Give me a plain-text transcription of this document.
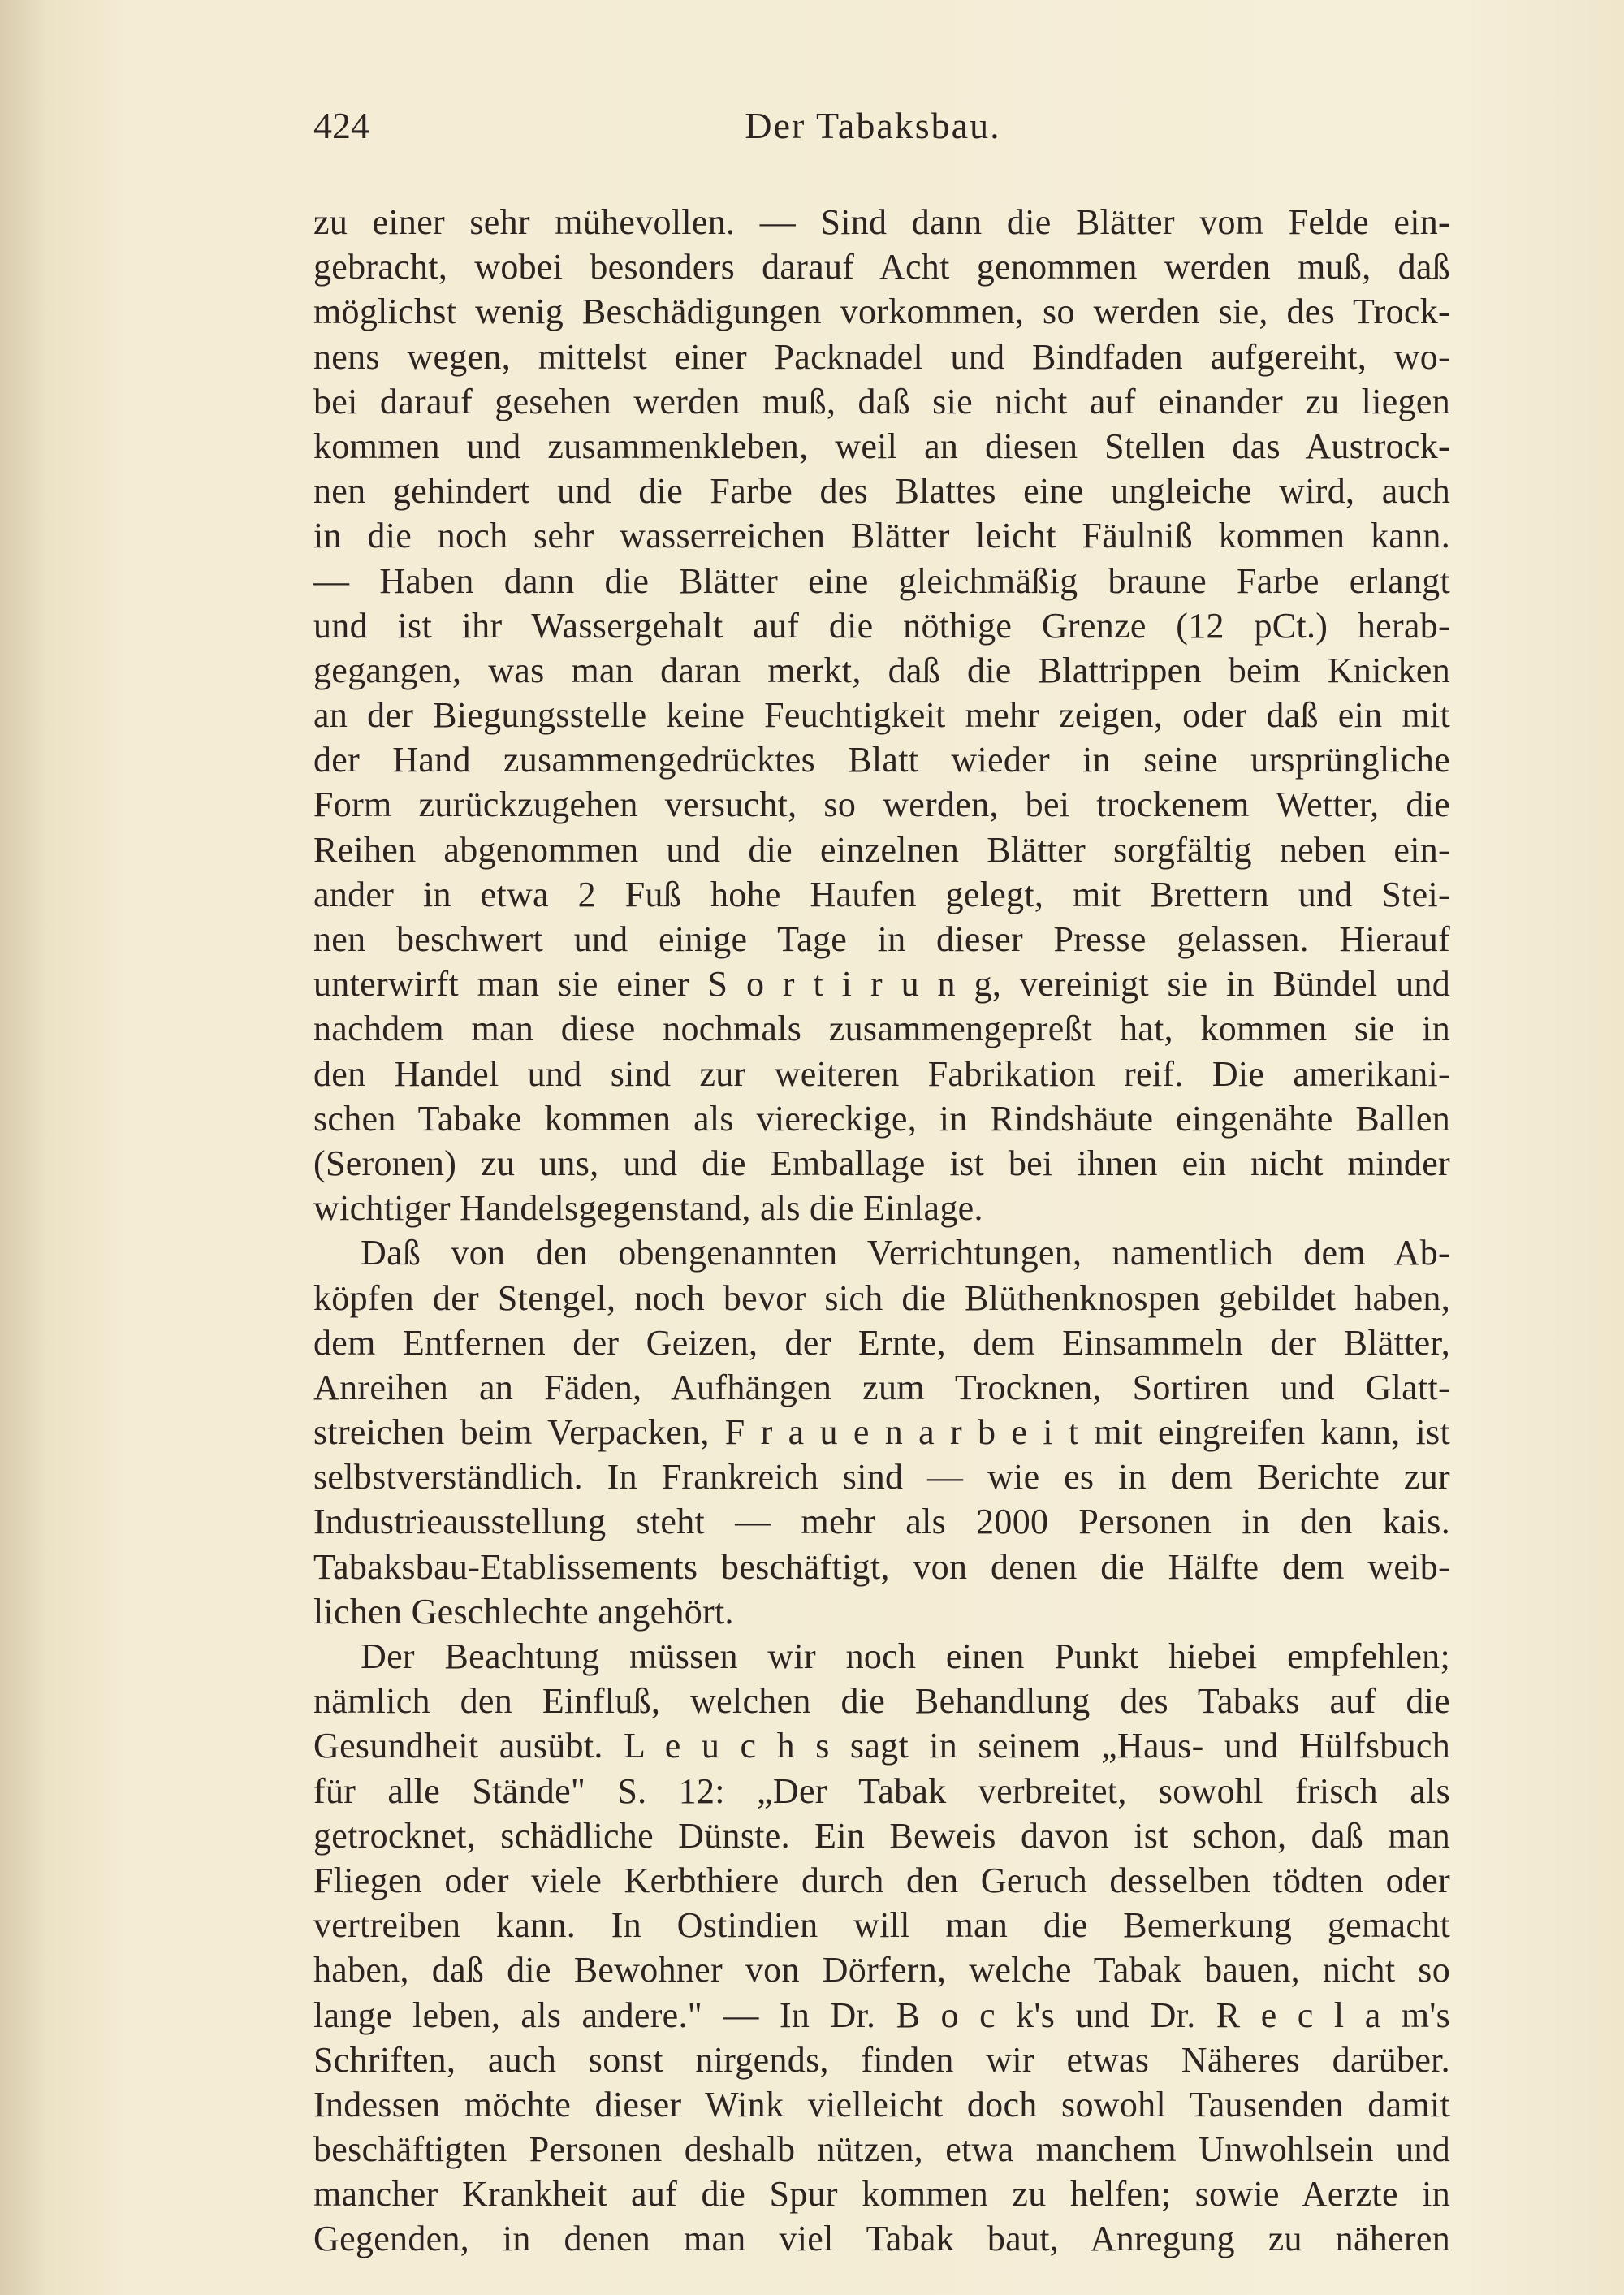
424	Der Tabaksbau.
zu einer sehr mühevollen. — Sind dann die Blätter vom Felde ein-
gebracht, wobei besonders darauf Acht genommen werden muß, daß
möglichst wenig Beschädigungen vorkommen, so werden sie, des Trock-
nens wegen, mittelst einer Packnadel und Bindfaden aufgereiht, wo-
bei darauf gesehen werden muß, daß sie nicht auf einander zu liegen
kommen und zusammenkleben, weil an diesen Stellen das Austrock-
nen gehindert und die Farbe des Blattes eine ungleiche wird, auch
in die noch sehr wasserreichen Blätter leicht Fäulniß kommen kann.
— Haben dann die Blätter eine gleichmäßig braune Farbe erlangt
und ist ihr Wassergehalt auf die nöthige Grenze (12 pCt.) herab-
gegangen, was man daran merkt, daß die Blattrippen beim Knicken
an der Biegungsstelle keine Feuchtigkeit mehr zeigen, oder daß ein mit
der Hand zusammengedrücktes Blatt wieder in seine ursprüngliche
Form zurückzugehen versucht, so werden, bei trockenem Wetter, die
Reihen abgenommen und die einzelnen Blätter sorgfältig neben ein-
ander in etwa 2 Fuß hohe Haufen gelegt, mit Brettern und Stei-
nen beschwert und einige Tage in dieser Presse gelassen. Hierauf
unterwirft man sie einer S o r t i r u n g, vereinigt sie in Bündel und
nachdem man diese nochmals zusammengepreßt hat, kommen sie in
den Handel und sind zur weiteren Fabrikation reif. Die amerikani-
schen Tabake kommen als viereckige, in Rindshäute eingenähte Ballen
(Seronen) zu uns, und die Emballage ist bei ihnen ein nicht minder
wichtiger Handelsgegenstand, als die Einlage.
Daß von den obengenannten Verrichtungen, namentlich dem Ab-
köpfen der Stengel, noch bevor sich die Blüthenknospen gebildet haben,
dem Entfernen der Geizen, der Ernte, dem Einsammeln der Blätter,
Anreihen an Fäden, Aufhängen zum Trocknen, Sortiren und Glatt-
streichen beim Verpacken, F r a u e n a r b e i t mit eingreifen kann, ist
selbstverständlich. In Frankreich sind — wie es in dem Berichte zur
Industrieausstellung steht — mehr als 2000 Personen in den kais.
Tabaksbau-Etablissements beschäftigt, von denen die Hälfte dem weib-
lichen Geschlechte angehört.
Der Beachtung müssen wir noch einen Punkt hiebei empfehlen;
nämlich den Einfluß, welchen die Behandlung des Tabaks auf die
Gesundheit ausübt. L e u c h s sagt in seinem „Haus- und Hülfsbuch
für alle Stände" S. 12: „Der Tabak verbreitet, sowohl frisch als
getrocknet, schädliche Dünste. Ein Beweis davon ist schon, daß man
Fliegen oder viele Kerbthiere durch den Geruch desselben tödten oder
vertreiben kann. In Ostindien will man die Bemerkung gemacht
haben, daß die Bewohner von Dörfern, welche Tabak bauen, nicht so
lange leben, als andere." — In Dr. B o c k's und Dr. R e c l a m's
Schriften, auch sonst nirgends, finden wir etwas Näheres darüber.
Indessen möchte dieser Wink vielleicht doch sowohl Tausenden damit
beschäftigten Personen deshalb nützen, etwa manchem Unwohlsein und
mancher Krankheit auf die Spur kommen zu helfen; sowie Aerzte in
Gegenden, in denen man viel Tabak baut, Anregung zu näheren
